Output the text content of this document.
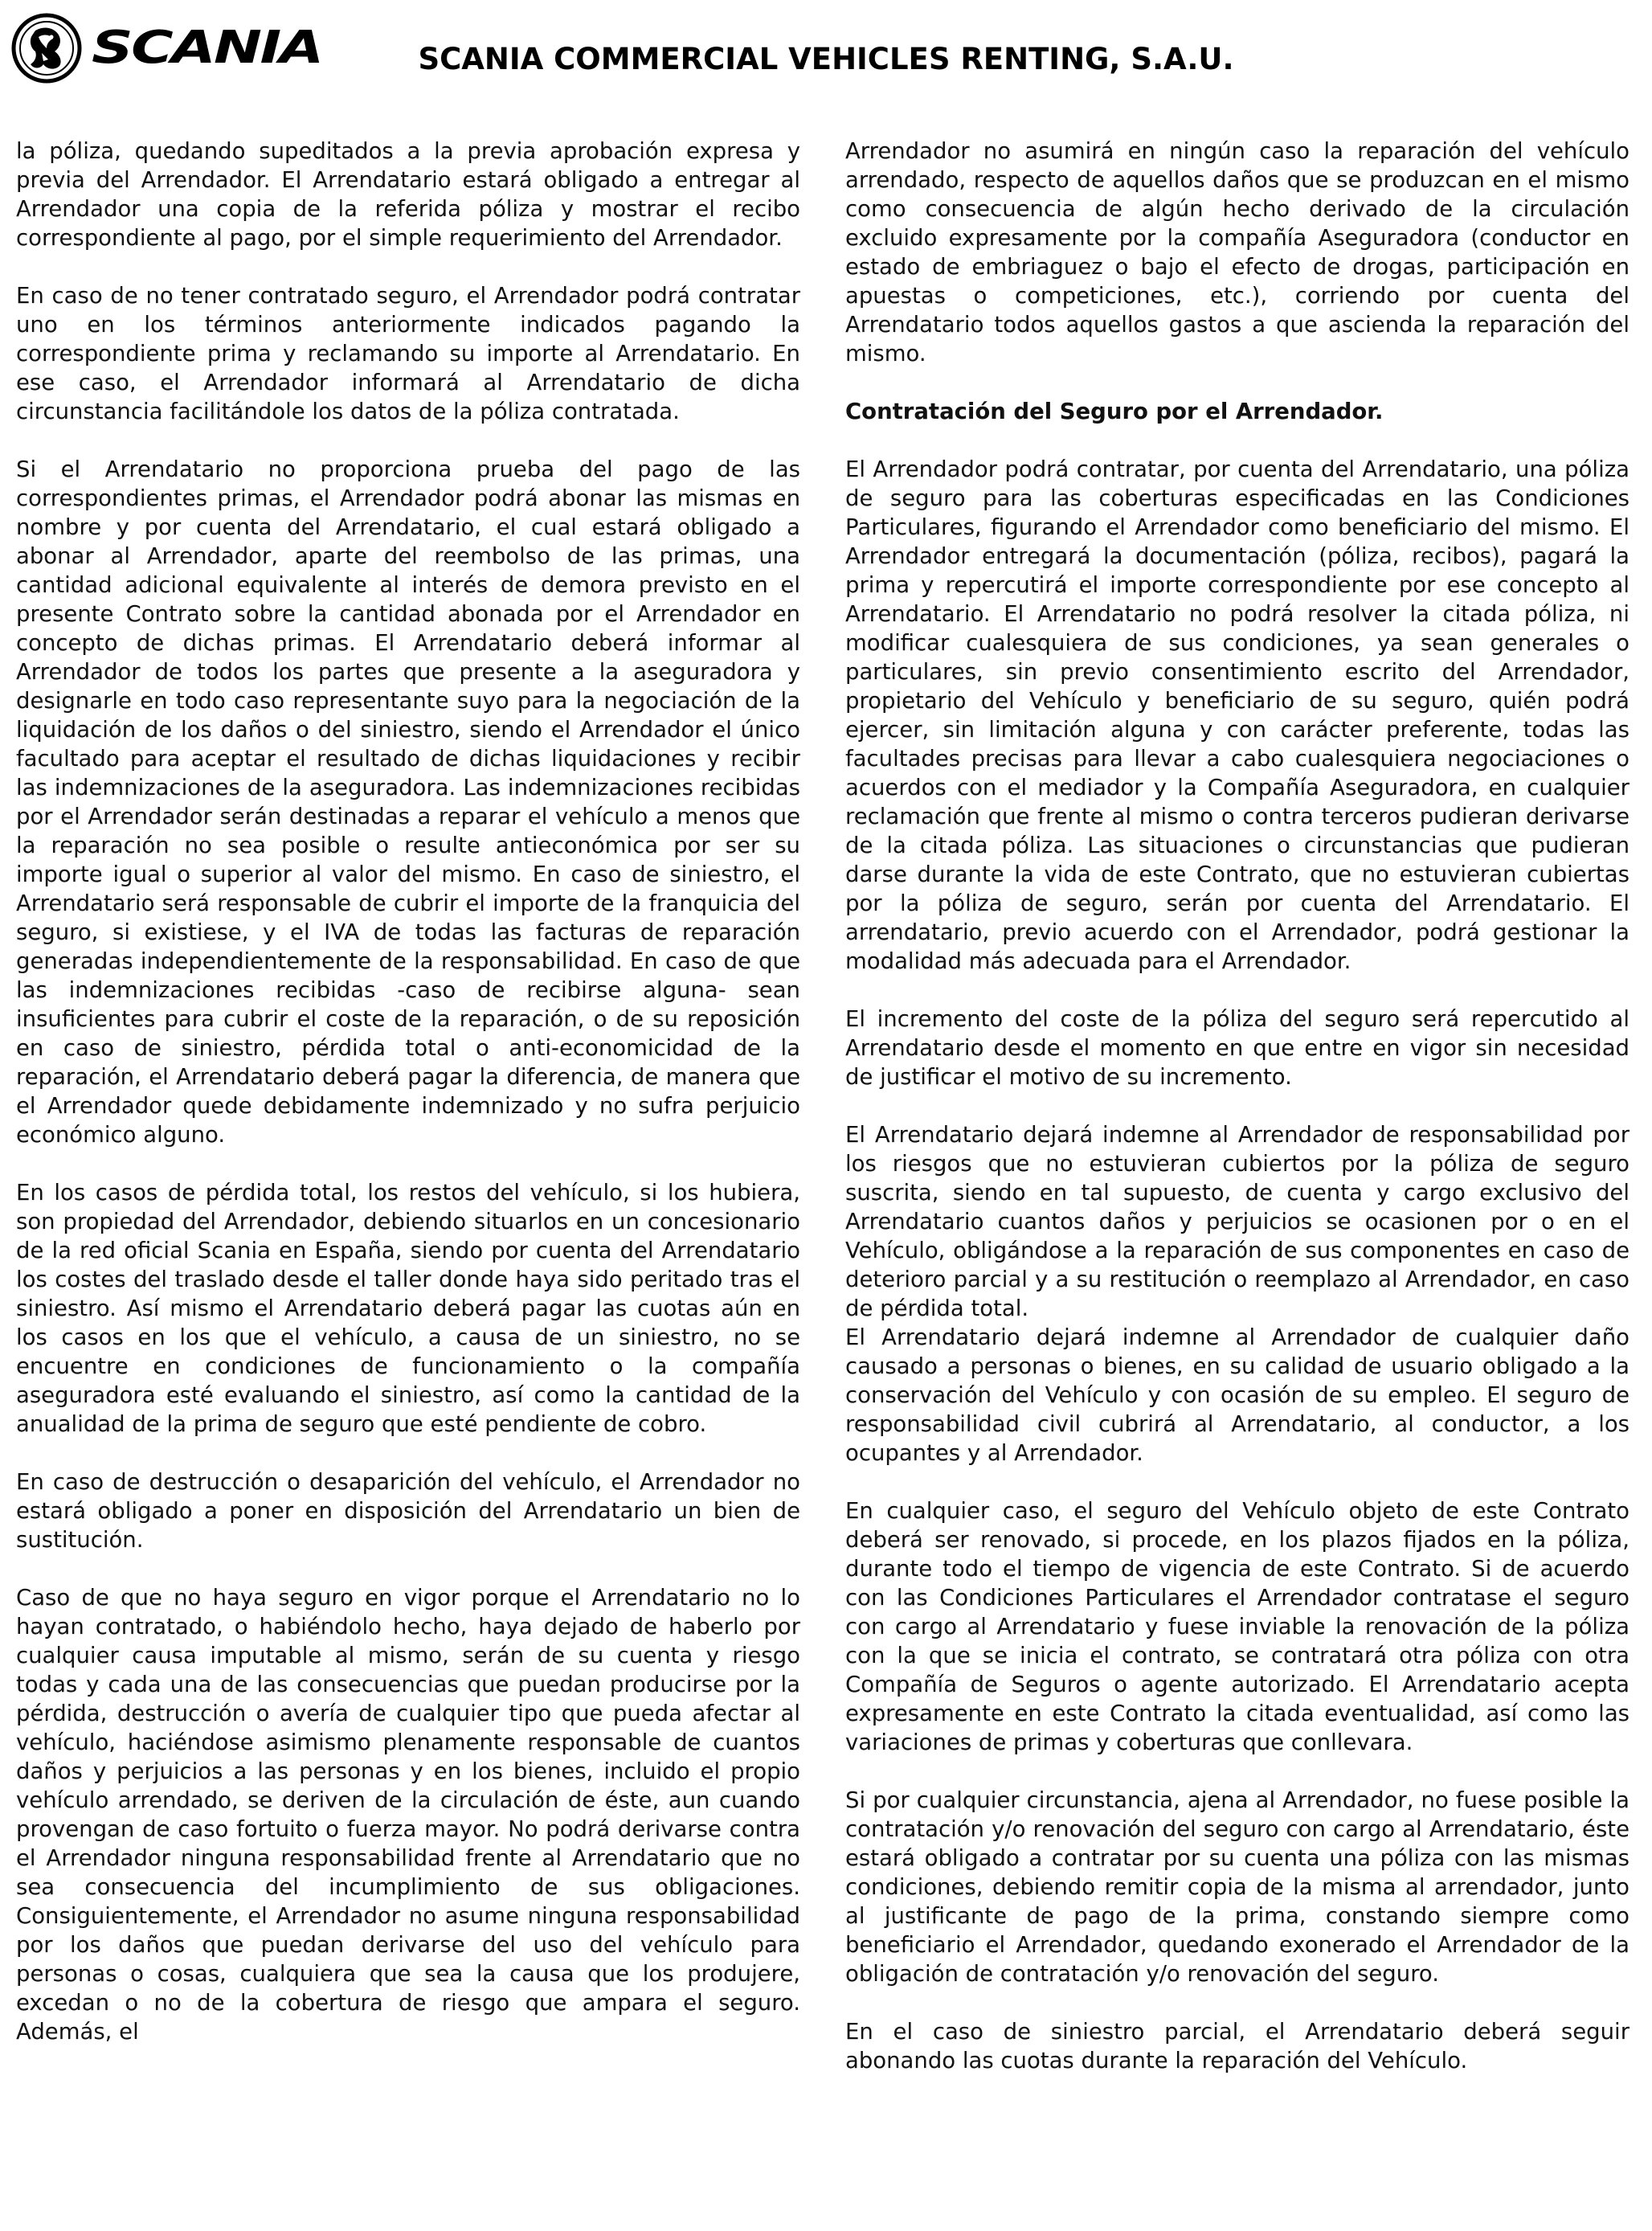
SCANIA	SCANIA COMMERCIAL VEHICLES RENTING, S.A.U.

la póliza, quedando supeditados a la previa aprobación expresa y previa del Arrendador. El Arrendatario estará obligado a entregar al Arrendador una copia de la referida póliza y mostrar el recibo correspondiente al pago, por el simple requerimiento del Arrendador.

En caso de no tener contratado seguro, el Arrendador podrá contratar uno en los términos anteriormente indicados pagando la correspondiente prima y reclamando su importe al Arrendatario. En ese caso, el Arrendador informará al Arrendatario de dicha circunstancia facilitándole los datos de la póliza contratada.

Si el Arrendatario no proporciona prueba del pago de las correspondientes primas, el Arrendador podrá abonar las mismas en nombre y por cuenta del Arrendatario, el cual estará obligado a abonar al Arrendador, aparte del reembolso de las primas, una cantidad adicional equivalente al interés de demora previsto en el presente Contrato sobre la cantidad abonada por el Arrendador en concepto de dichas primas. El Arrendatario deberá informar al Arrendador de todos los partes que presente a la aseguradora y designarle en todo caso representante suyo para la negociación de la liquidación de los daños o del siniestro, siendo el Arrendador el único facultado para aceptar el resultado de dichas liquidaciones y recibir las indemnizaciones de la aseguradora. Las indemnizaciones recibidas por el Arrendador serán destinadas a reparar el vehículo a menos que la reparación no sea posible o resulte antieconómica por ser su importe igual o superior al valor del mismo. En caso de siniestro, el Arrendatario será responsable de cubrir el importe de la franquicia del seguro, si existiese, y el IVA de todas las facturas de reparación generadas independientemente de la responsabilidad. En caso de que las indemnizaciones recibidas -caso de recibirse alguna- sean insuficientes para cubrir el coste de la reparación, o de su reposición en caso de siniestro, pérdida total o anti-economicidad de la reparación, el Arrendatario deberá pagar la diferencia, de manera que el Arrendador quede debidamente indemnizado y no sufra perjuicio económico alguno.

En los casos de pérdida total, los restos del vehículo, si los hubiera, son propiedad del Arrendador, debiendo situarlos en un concesionario de la red oficial Scania en España, siendo por cuenta del Arrendatario los costes del traslado desde el taller donde haya sido peritado tras el siniestro. Así mismo el Arrendatario deberá pagar las cuotas aún en los casos en los que el vehículo, a causa de un siniestro, no se encuentre en condiciones de funcionamiento o la compañía aseguradora esté evaluando el siniestro, así como la cantidad de la anualidad de la prima de seguro que esté pendiente de cobro.

En caso de destrucción o desaparición del vehículo, el Arrendador no estará obligado a poner en disposición del Arrendatario un bien de sustitución.

Caso de que no haya seguro en vigor porque el Arrendatario no lo hayan contratado, o habiéndolo hecho, haya dejado de haberlo por cualquier causa imputable al mismo, serán de su cuenta y riesgo todas y cada una de las consecuencias que puedan producirse por la pérdida, destrucción o avería de cualquier tipo que pueda afectar al vehículo, haciéndose asimismo plenamente responsable de cuantos daños y perjuicios a las personas y en los bienes, incluido el propio vehículo arrendado, se deriven de la circulación de éste, aun cuando provengan de caso fortuito o fuerza mayor. No podrá derivarse contra el Arrendador ninguna responsabilidad frente al Arrendatario que no sea consecuencia del incumplimiento de sus obligaciones. Consiguientemente, el Arrendador no asume ninguna responsabilidad por los daños que puedan derivarse del uso del vehículo para personas o cosas, cualquiera que sea la causa que los produjere, excedan o no de la cobertura de riesgo que ampara el seguro. Además, el

Arrendador no asumirá en ningún caso la reparación del vehículo arrendado, respecto de aquellos daños que se produzcan en el mismo como consecuencia de algún hecho derivado de la circulación excluido expresamente por la compañía Aseguradora (conductor en estado de embriaguez o bajo el efecto de drogas, participación en apuestas o competiciones, etc.), corriendo por cuenta del Arrendatario todos aquellos gastos a que ascienda la reparación del mismo.

Contratación del Seguro por el Arrendador.

El Arrendador podrá contratar, por cuenta del Arrendatario, una póliza de seguro para las coberturas especificadas en las Condiciones Particulares, figurando el Arrendador como beneficiario del mismo. El Arrendador entregará la documentación (póliza, recibos), pagará la prima y repercutirá el importe correspondiente por ese concepto al Arrendatario. El Arrendatario no podrá resolver la citada póliza, ni modificar cualesquiera de sus condiciones, ya sean generales o particulares, sin previo consentimiento escrito del Arrendador, propietario del Vehículo y beneficiario de su seguro, quién podrá ejercer, sin limitación alguna y con carácter preferente, todas las facultades precisas para llevar a cabo cualesquiera negociaciones o acuerdos con el mediador y la Compañía Aseguradora, en cualquier reclamación que frente al mismo o contra terceros pudieran derivarse de la citada póliza. Las situaciones o circunstancias que pudieran darse durante la vida de este Contrato, que no estuvieran cubiertas por la póliza de seguro, serán por cuenta del Arrendatario. El arrendatario, previo acuerdo con el Arrendador, podrá gestionar la modalidad más adecuada para el Arrendador.

El incremento del coste de la póliza del seguro será repercutido al Arrendatario desde el momento en que entre en vigor sin necesidad de justificar el motivo de su incremento.

El Arrendatario dejará indemne al Arrendador de responsabilidad por los riesgos que no estuvieran cubiertos por la póliza de seguro suscrita, siendo en tal supuesto, de cuenta y cargo exclusivo del Arrendatario cuantos daños y perjuicios se ocasionen por o en el Vehículo, obligándose a la reparación de sus componentes en caso de deterioro parcial y a su restitución o reemplazo al Arrendador, en caso de pérdida total.

El Arrendatario dejará indemne al Arrendador de cualquier daño causado a personas o bienes, en su calidad de usuario obligado a la conservación del Vehículo y con ocasión de su empleo. El seguro de responsabilidad civil cubrirá al Arrendatario, al conductor, a los ocupantes y al Arrendador.

En cualquier caso, el seguro del Vehículo objeto de este Contrato deberá ser renovado, si procede, en los plazos fijados en la póliza, durante todo el tiempo de vigencia de este Contrato. Si de acuerdo con las Condiciones Particulares el Arrendador contratase el seguro con cargo al Arrendatario y fuese inviable la renovación de la póliza con la que se inicia el contrato, se contratará otra póliza con otra Compañía de Seguros o agente autorizado. El Arrendatario acepta expresamente en este Contrato la citada eventualidad, así como las variaciones de primas y coberturas que conllevara.

Si por cualquier circunstancia, ajena al Arrendador, no fuese posible la contratación y/o renovación del seguro con cargo al Arrendatario, éste estará obligado a contratar por su cuenta una póliza con las mismas condiciones, debiendo remitir copia de la misma al arrendador, junto al justificante de pago de la prima, constando siempre como beneficiario el Arrendador, quedando exonerado el Arrendador de la obligación de contratación y/o renovación del seguro.

En el caso de siniestro parcial, el Arrendatario deberá seguir abonando las cuotas durante la reparación del Vehículo.
